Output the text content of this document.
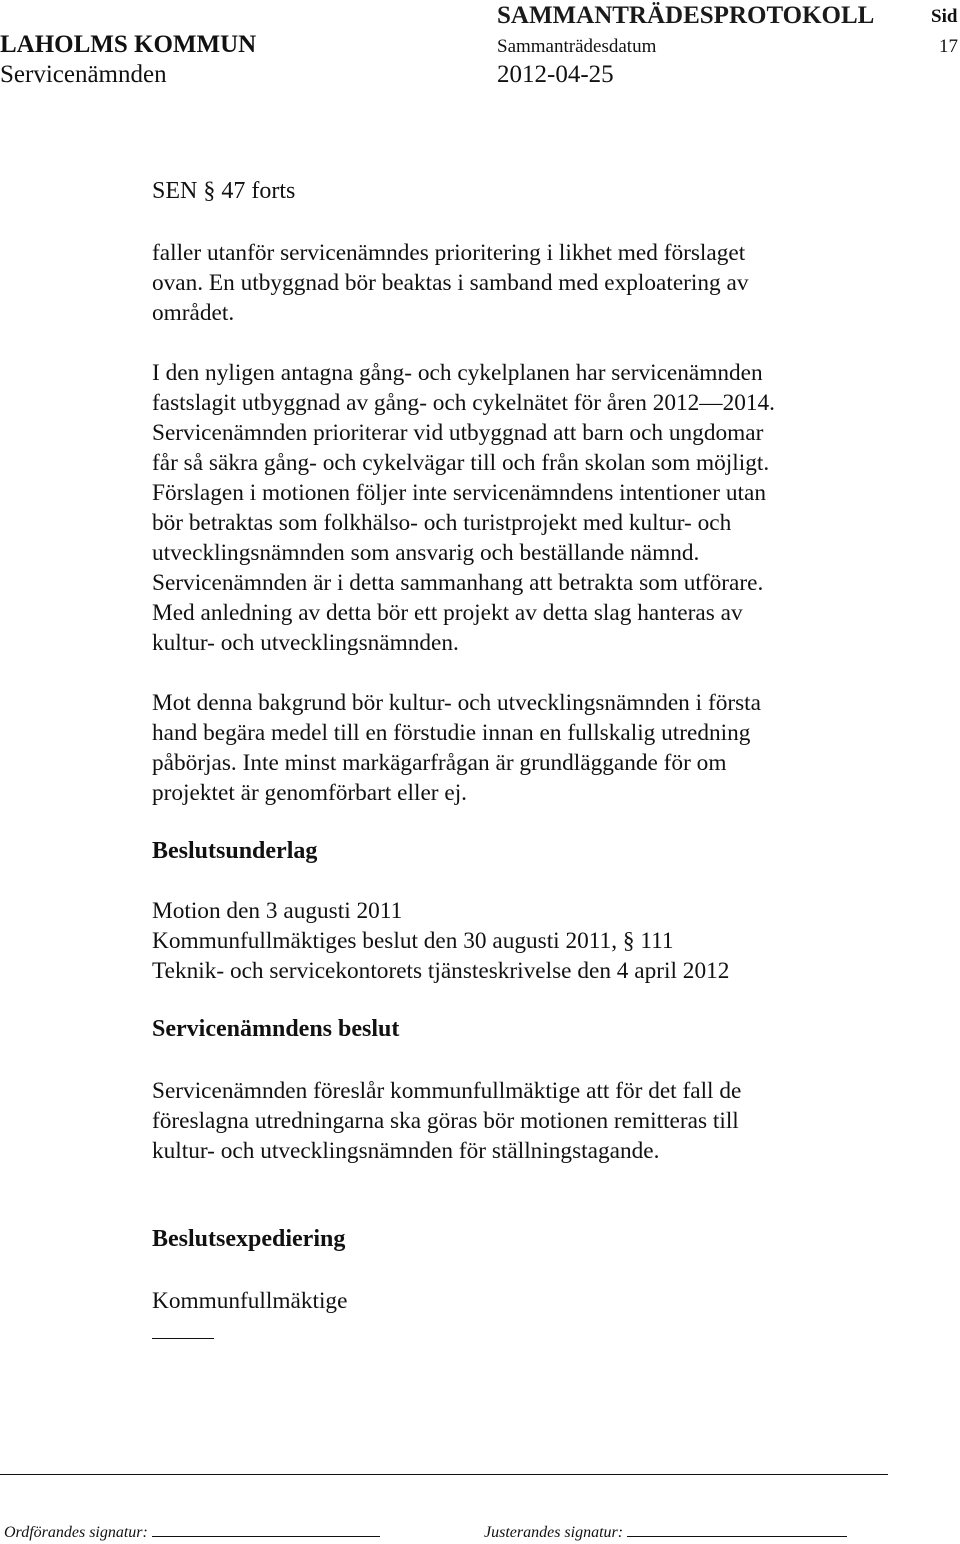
SAMMANTRÄDESPROTOKOLL	Sid
LAHOLMS KOMMUN	Sammanträdesdatum	17
Servicenämnden	2012-04-25
SEN § 47 forts
faller utanför servicenämndes prioritering i likhet med förslaget
ovan. En utbyggnad bör beaktas i samband med exploatering av
området.
I den nyligen antagna gång- och cykelplanen har servicenämnden
fastslagit utbyggnad av gång- och cykelnätet för åren 2012—2014.
Servicenämnden prioriterar vid utbyggnad att barn och ungdomar
får så säkra gång- och cykelvägar till och från skolan som möjligt.
Förslagen i motionen följer inte servicenämndens intentioner utan
bör betraktas som folkhälso- och turistprojekt med kultur- och
utvecklingsnämnden som ansvarig och beställande nämnd.
Servicenämnden är i detta sammanhang att betrakta som utförare.
Med anledning av detta bör ett projekt av detta slag hanteras av
kultur- och utvecklingsnämnden.
Mot denna bakgrund bör kultur- och utvecklingsnämnden i första
hand begära medel till en förstudie innan en fullskalig utredning
påbörjas. Inte minst markägarfrågan är grundläggande för om
projektet är genomförbart eller ej.
Beslutsunderlag
Motion den 3 augusti 2011
Kommunfullmäktiges beslut den 30 augusti 2011, § 111
Teknik- och servicekontorets tjänsteskrivelse den 4 april 2012
Servicenämndens beslut
Servicenämnden föreslår kommunfullmäktige att för det fall de
föreslagna utredningarna ska göras bör motionen remitteras till
kultur- och utvecklingsnämnden för ställningstagande.
Beslutsexpediering
Kommunfullmäktige
Ordförandes signatur:	Justerandes signatur:
